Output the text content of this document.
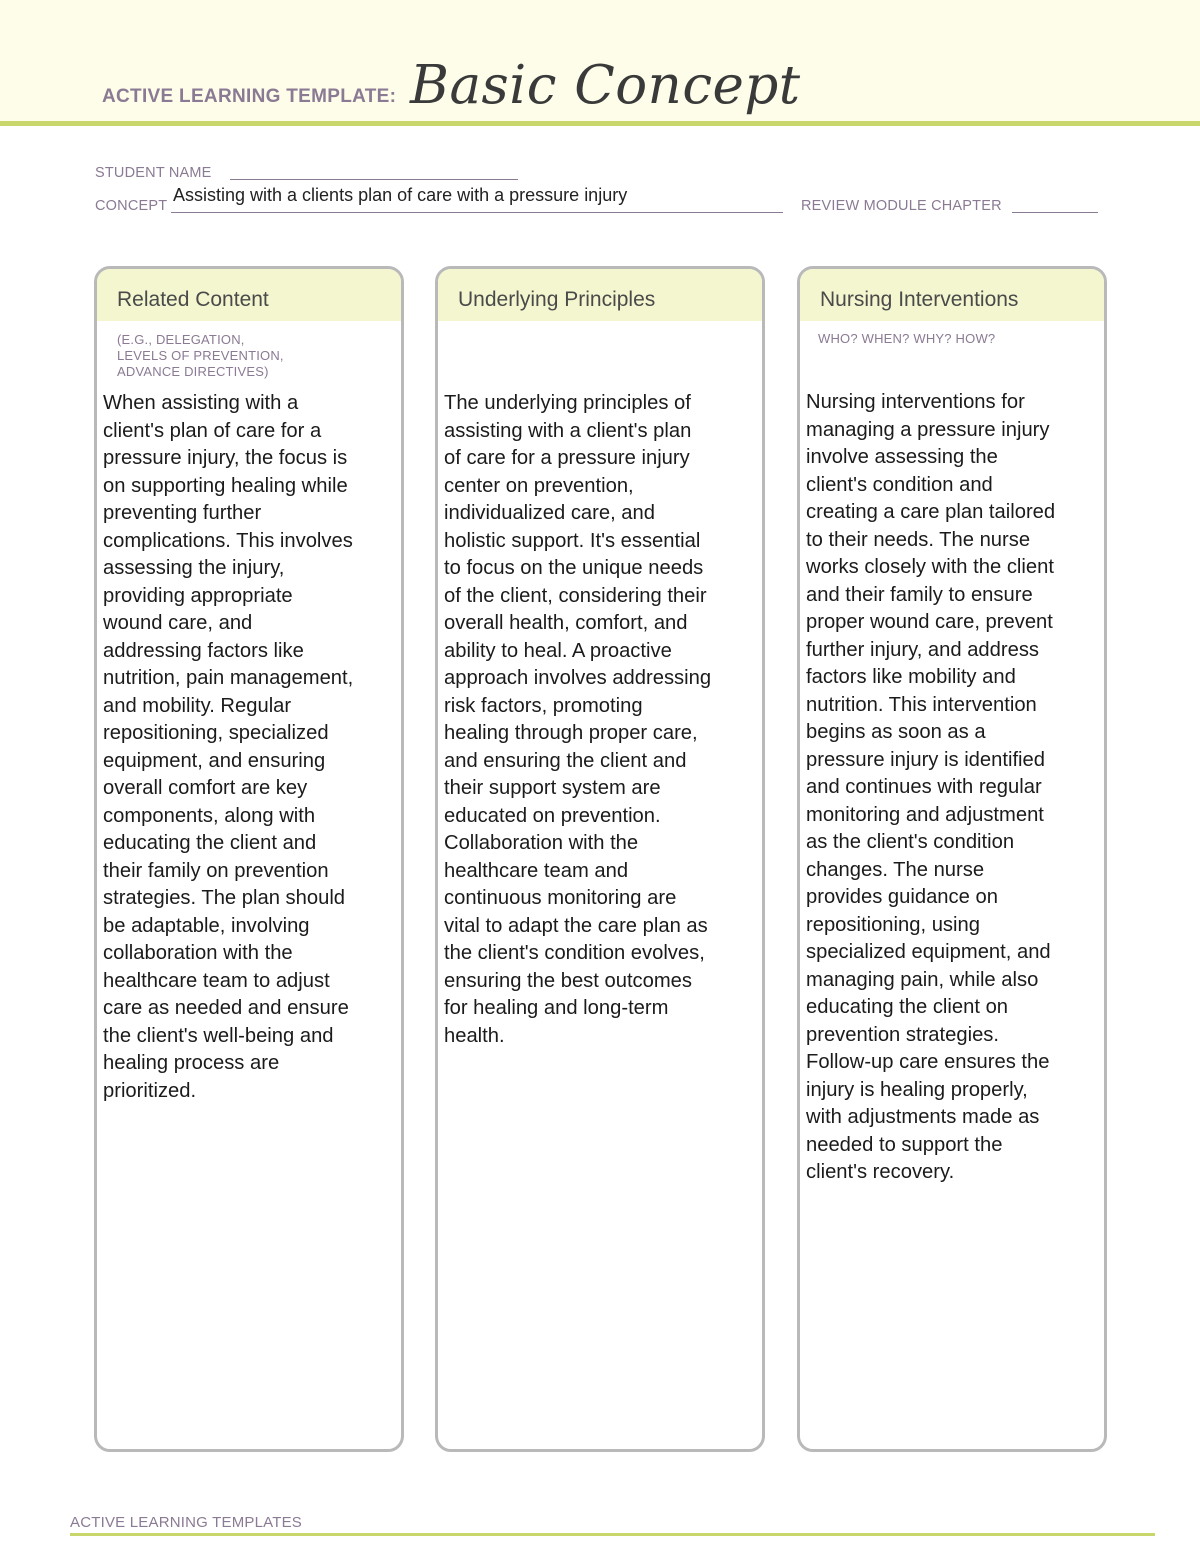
ACTIVE LEARNING TEMPLATE: Basic Concept
STUDENT NAME
CONCEPT
Assisting with a clients plan of care with a pressure injury
REVIEW MODULE CHAPTER
Related Content
(E.G., DELEGATION,
LEVELS OF PREVENTION,
ADVANCE DIRECTIVES)
When assisting with a
client's plan of care for a
pressure injury, the focus is
on supporting healing while
preventing further
complications. This involves
assessing the injury,
providing appropriate
wound care, and
addressing factors like
nutrition, pain management,
and mobility. Regular
repositioning, specialized
equipment, and ensuring
overall comfort are key
components, along with
educating the client and
their family on prevention
strategies. The plan should
be adaptable, involving
collaboration with the
healthcare team to adjust
care as needed and ensure
the client's well-being and
healing process are
prioritized.
Underlying Principles
The underlying principles of
assisting with a client's plan
of care for a pressure injury
center on prevention,
individualized care, and
holistic support. It's essential
to focus on the unique needs
of the client, considering their
overall health, comfort, and
ability to heal. A proactive
approach involves addressing
risk factors, promoting
healing through proper care,
and ensuring the client and
their support system are
educated on prevention.
Collaboration with the
healthcare team and
continuous monitoring are
vital to adapt the care plan as
the client's condition evolves,
ensuring the best outcomes
for healing and long-term
health.
Nursing Interventions
WHO? WHEN? WHY? HOW?
Nursing interventions for
managing a pressure injury
involve assessing the
client's condition and
creating a care plan tailored
to their needs. The nurse
works closely with the client
and their family to ensure
proper wound care, prevent
further injury, and address
factors like mobility and
nutrition. This intervention
begins as soon as a
pressure injury is identified
and continues with regular
monitoring and adjustment
as the client's condition
changes. The nurse
provides guidance on
repositioning, using
specialized equipment, and
managing pain, while also
educating the client on
prevention strategies.
Follow-up care ensures the
injury is healing properly,
with adjustments made as
needed to support the
client's recovery.
ACTIVE LEARNING TEMPLATES
